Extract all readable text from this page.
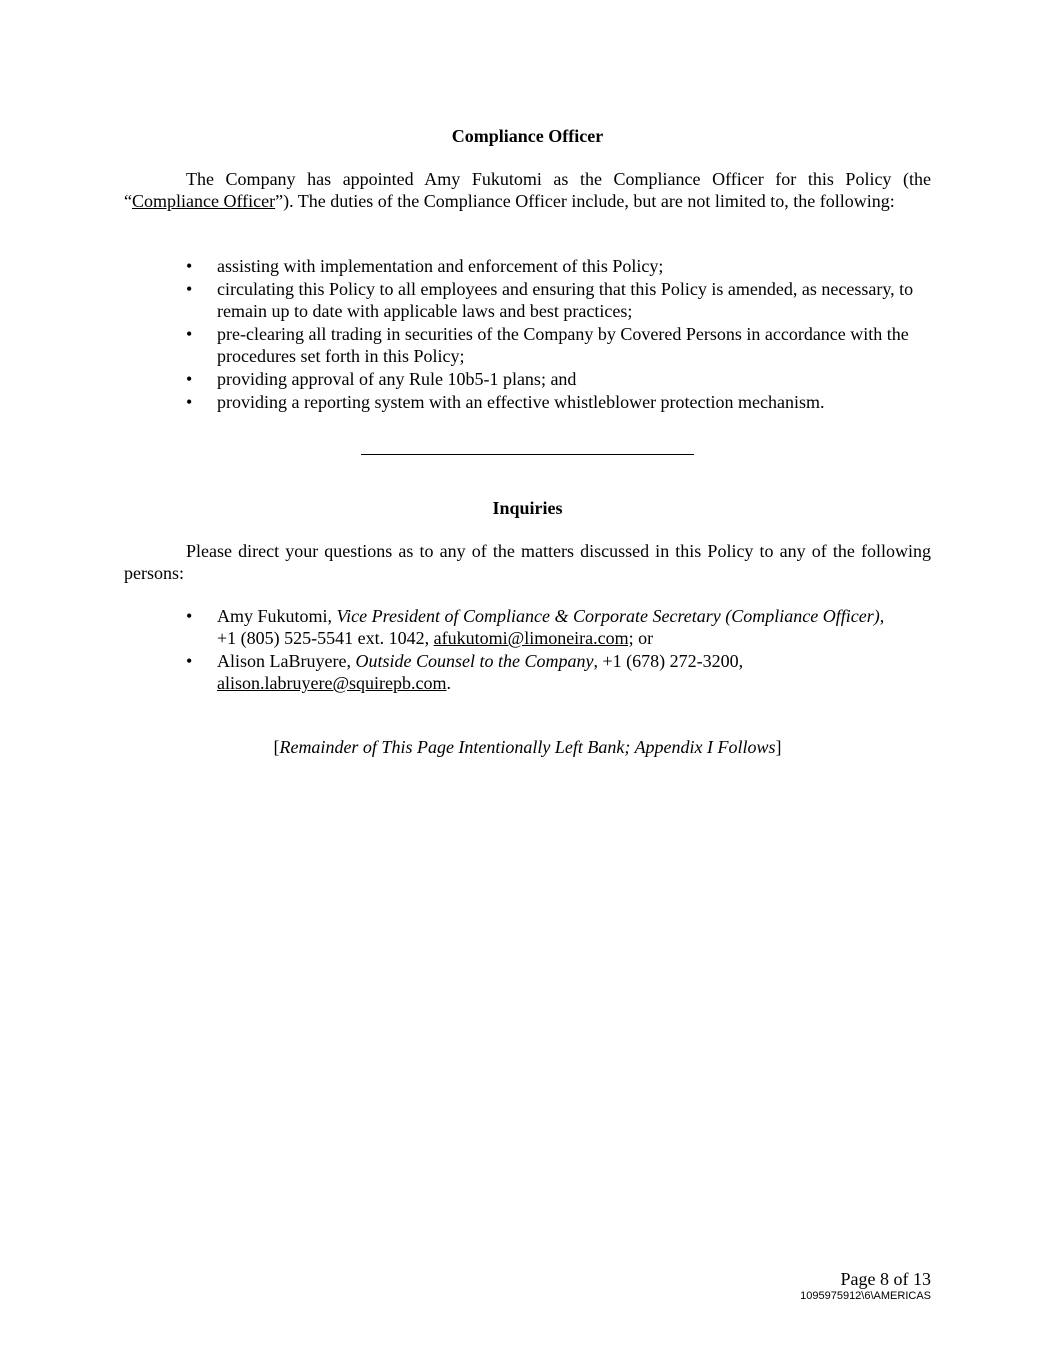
Compliance Officer
The Company has appointed Amy Fukutomi as the Compliance Officer for this Policy (the “Compliance Officer”). The duties of the Compliance Officer include, but are not limited to, the following:
• assisting with implementation and enforcement of this Policy;
• circulating this Policy to all employees and ensuring that this Policy is amended, as necessary, to remain up to date with applicable laws and best practices;
• pre-clearing all trading in securities of the Company by Covered Persons in accordance with the procedures set forth in this Policy;
• providing approval of any Rule 10b5-1 plans; and
• providing a reporting system with an effective whistleblower protection mechanism.
Inquiries
Please direct your questions as to any of the matters discussed in this Policy to any of the following persons:
• Amy Fukutomi, Vice President of Compliance & Corporate Secretary (Compliance Officer),
+1 (805) 525-5541 ext. 1042, afukutomi@limoneira.com; or
• Alison LaBruyere, Outside Counsel to the Company, +1 (678) 272-3200,
alison.labruyere@squirepb.com.
[Remainder of This Page Intentionally Left Bank; Appendix I Follows]
Page 8 of 13
1095975912\6\AMERICAS
